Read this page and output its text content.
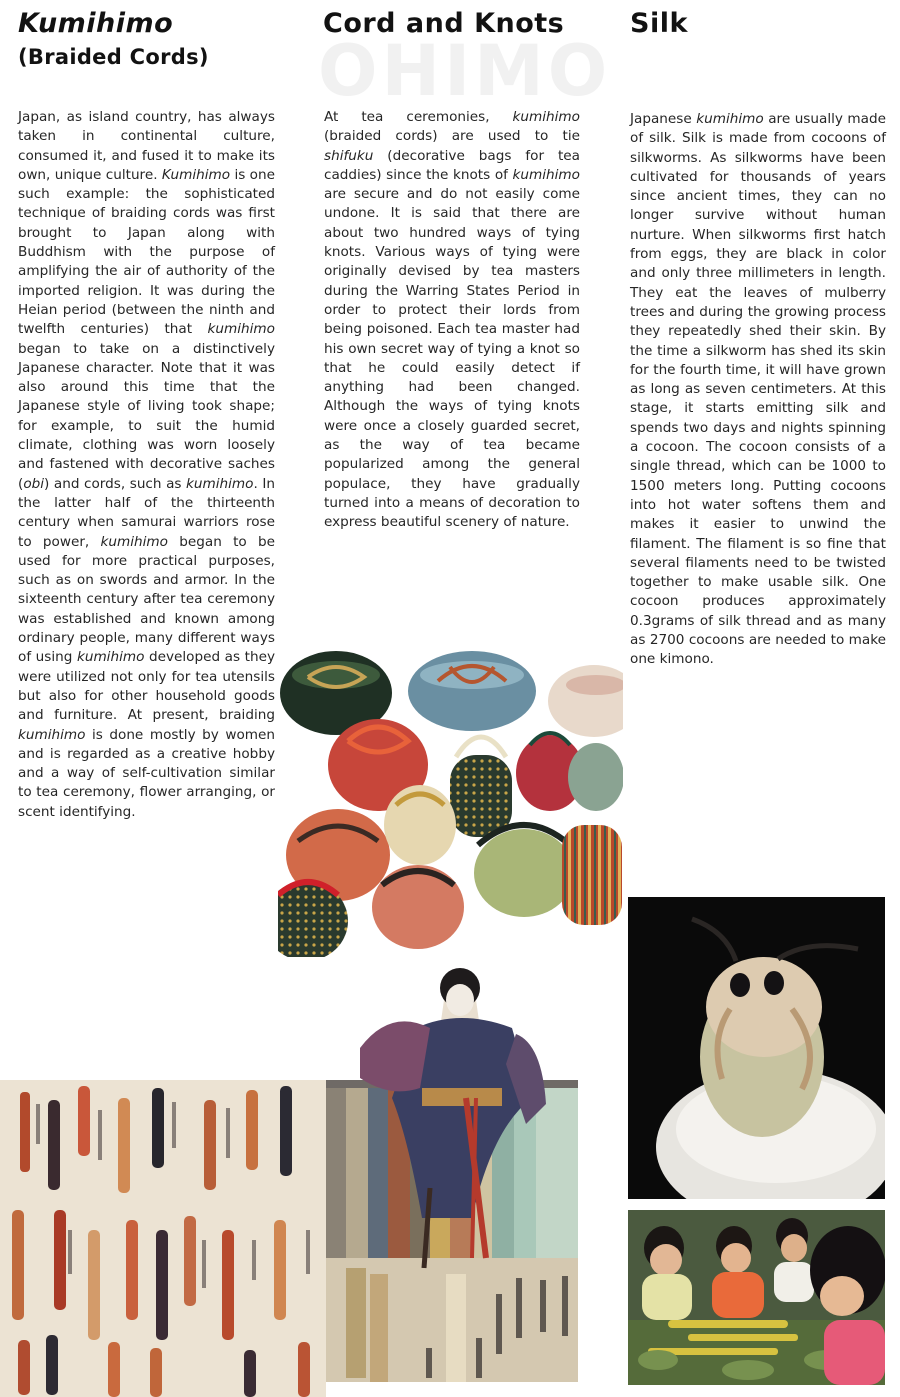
OHIMO
Kumihimo
(Braided Cords)
Cord and Knots Silk

Japan, as island country, has always taken in continental culture, consumed it, and fused it to make its own, unique culture. Kumihimo is one such example: the sophisticated technique of braiding cords was first brought to Japan along with Buddhism with the purpose of amplifying the air of authority of the imported religion. It was during the Heian period (between the ninth and twelfth centuries) that kumihimo began to take on a distinctively Japanese character. Note that it was also around this time that the Japanese style of living took shape; for example, to suit the humid climate, clothing was worn loosely and fastened with decorative saches (obi) and cords, such as kumihimo. In the latter half of the thirteenth century when samurai warriors rose to power, kumihimo began to be used for more practical purposes, such as on swords and armor. In the sixteenth century after tea ceremony was established and known among ordinary people, many different ways of using kumihimo developed as they were utilized not only for tea utensils but also for other household goods and furniture. At present, braiding kumihimo is done mostly by women and is regarded as a creative hobby and a way of self-cultivation similar to tea ceremony, flower arranging, or scent identifying.

At tea ceremonies, kumihimo (braided cords) are used to tie shifuku (decorative bags for tea caddies) since the knots of kumihimo are secure and do not easily come undone. It is said that there are about two hundred ways of tying knots. Various ways of tying were originally devised by tea masters during the Warring States Period in order to protect their lords from being poisoned. Each tea master had his own secret way of tying a knot so that he could easily detect if anything had been changed. Although the ways of tying knots were once a closely guarded secret, as the way of tea became popularized among the general populace, they have gradually turned into a means of decoration to express beautiful scenery of nature.

Japanese kumihimo are usually made of silk. Silk is made from cocoons of silkworms. As silkworms have been cultivated for thousands of years since ancient times, they can no longer survive without human nurture. When silkworms first hatch from eggs, they are black in color and only three millimeters in length. They eat the leaves of mulberry trees and during the growing process they repeatedly shed their skin. By the time a silkworm has shed its skin for the fourth time, it will have grown as long as seven centimeters. At this stage, it starts emitting silk and spends two days and nights spinning a cocoon. The cocoon consists of a single thread, which can be 1000 to 1500 meters long. Putting cocoons into hot water softens them and makes it easier to unwind the filament. The filament is so fine that several filaments need to be twisted together to make usable silk. One cocoon produces approximately 0.3grams of silk thread and as many as 2700 cocoons are needed to make one kimono.
